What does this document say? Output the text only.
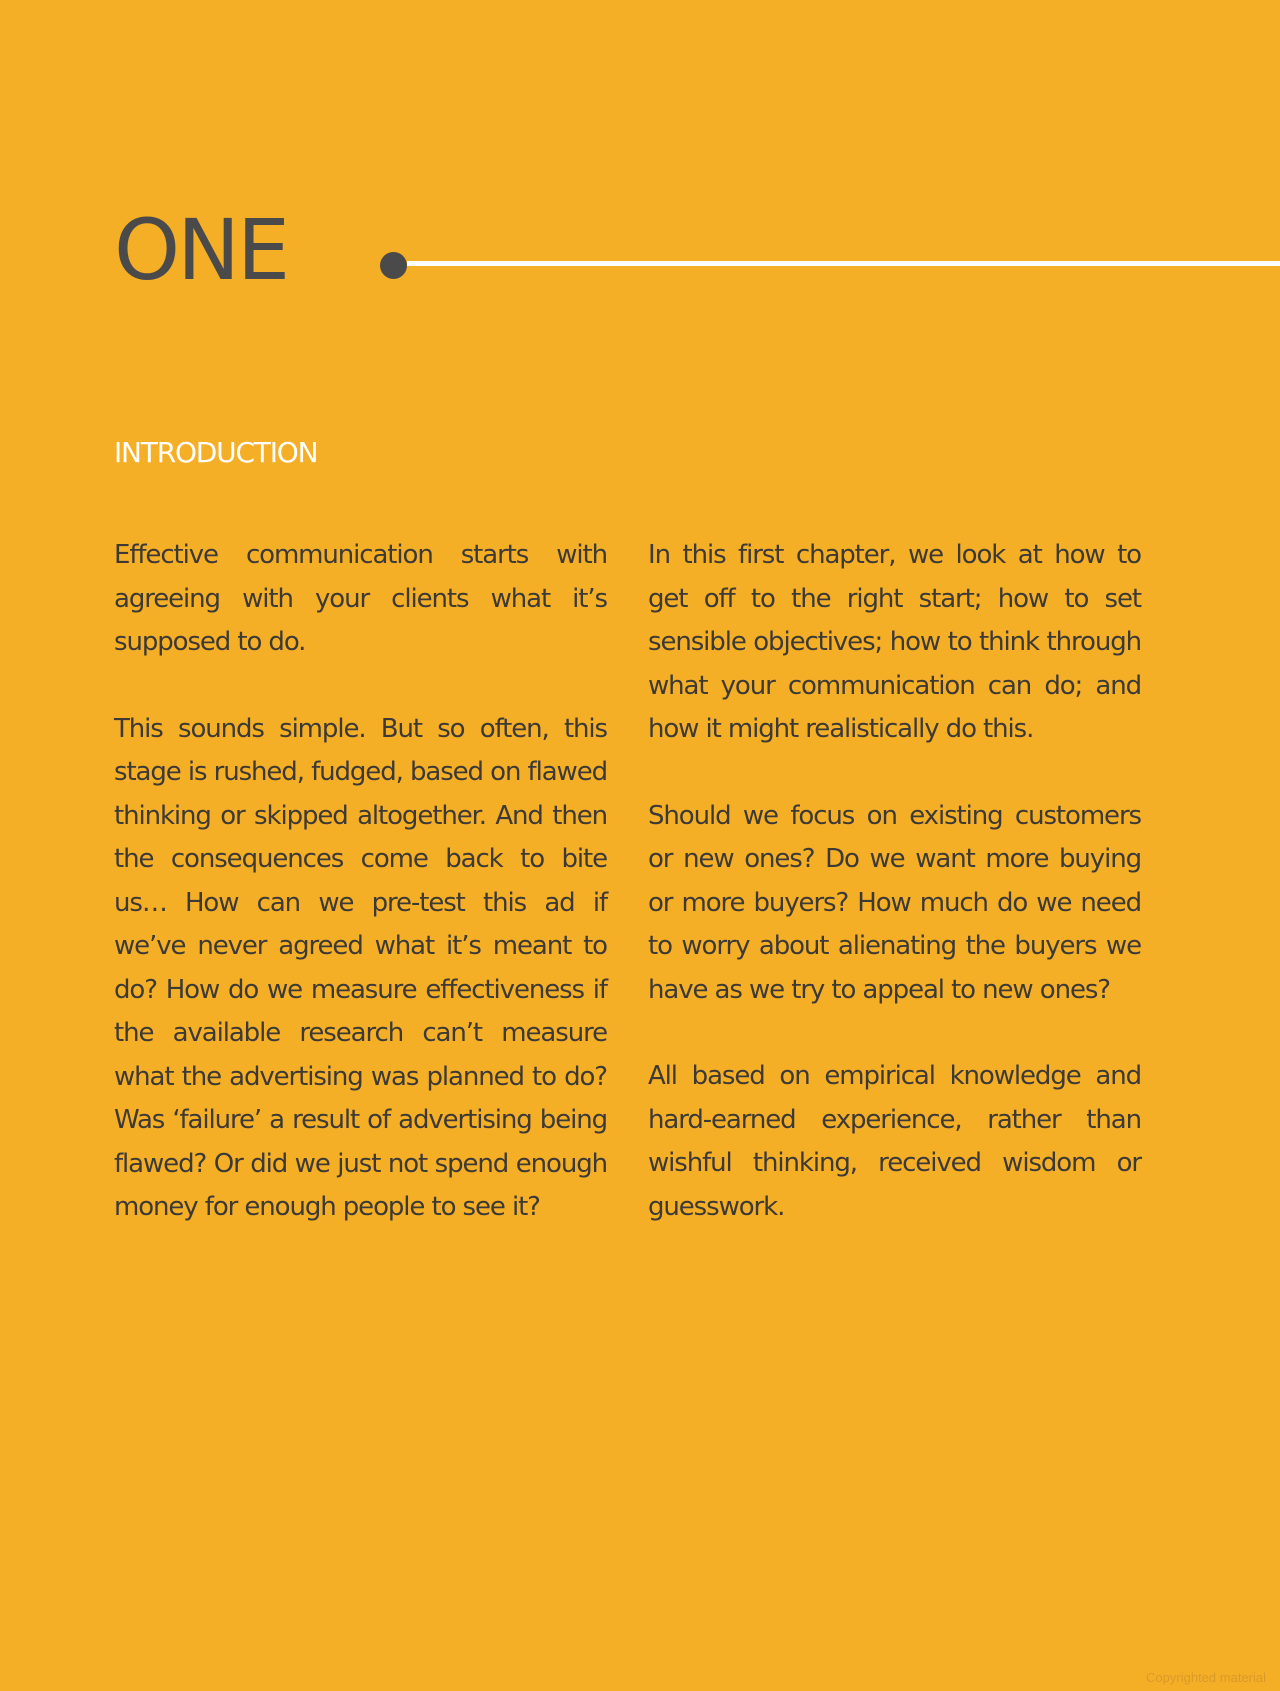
ONE
INTRODUCTION

Effective communication starts with agreeing with your clients what it’s supposed to do.

This sounds simple. But so often, this stage is rushed, fudged, based on flawed thinking or skipped altogether. And then the consequences come back to bite us… How can we pre-test this ad if we’ve never agreed what it’s meant to do? How do we measure effectiveness if the available research can’t measure what the advertising was planned to do? Was ‘failure’ a result of advertising being flawed? Or did we just not spend enough money for enough people to see it?

In this first chapter, we look at how to get off to the right start; how to set sensible objectives; how to think through what your communication can do; and how it might realistically do this.

Should we focus on existing customers or new ones? Do we want more buying or more buyers? How much do we need to worry about alienating the buyers we have as we try to appeal to new ones?

All based on empirical knowledge and hard-earned experience, rather than wishful thinking, received wisdom or guesswork.

Copyrighted material
